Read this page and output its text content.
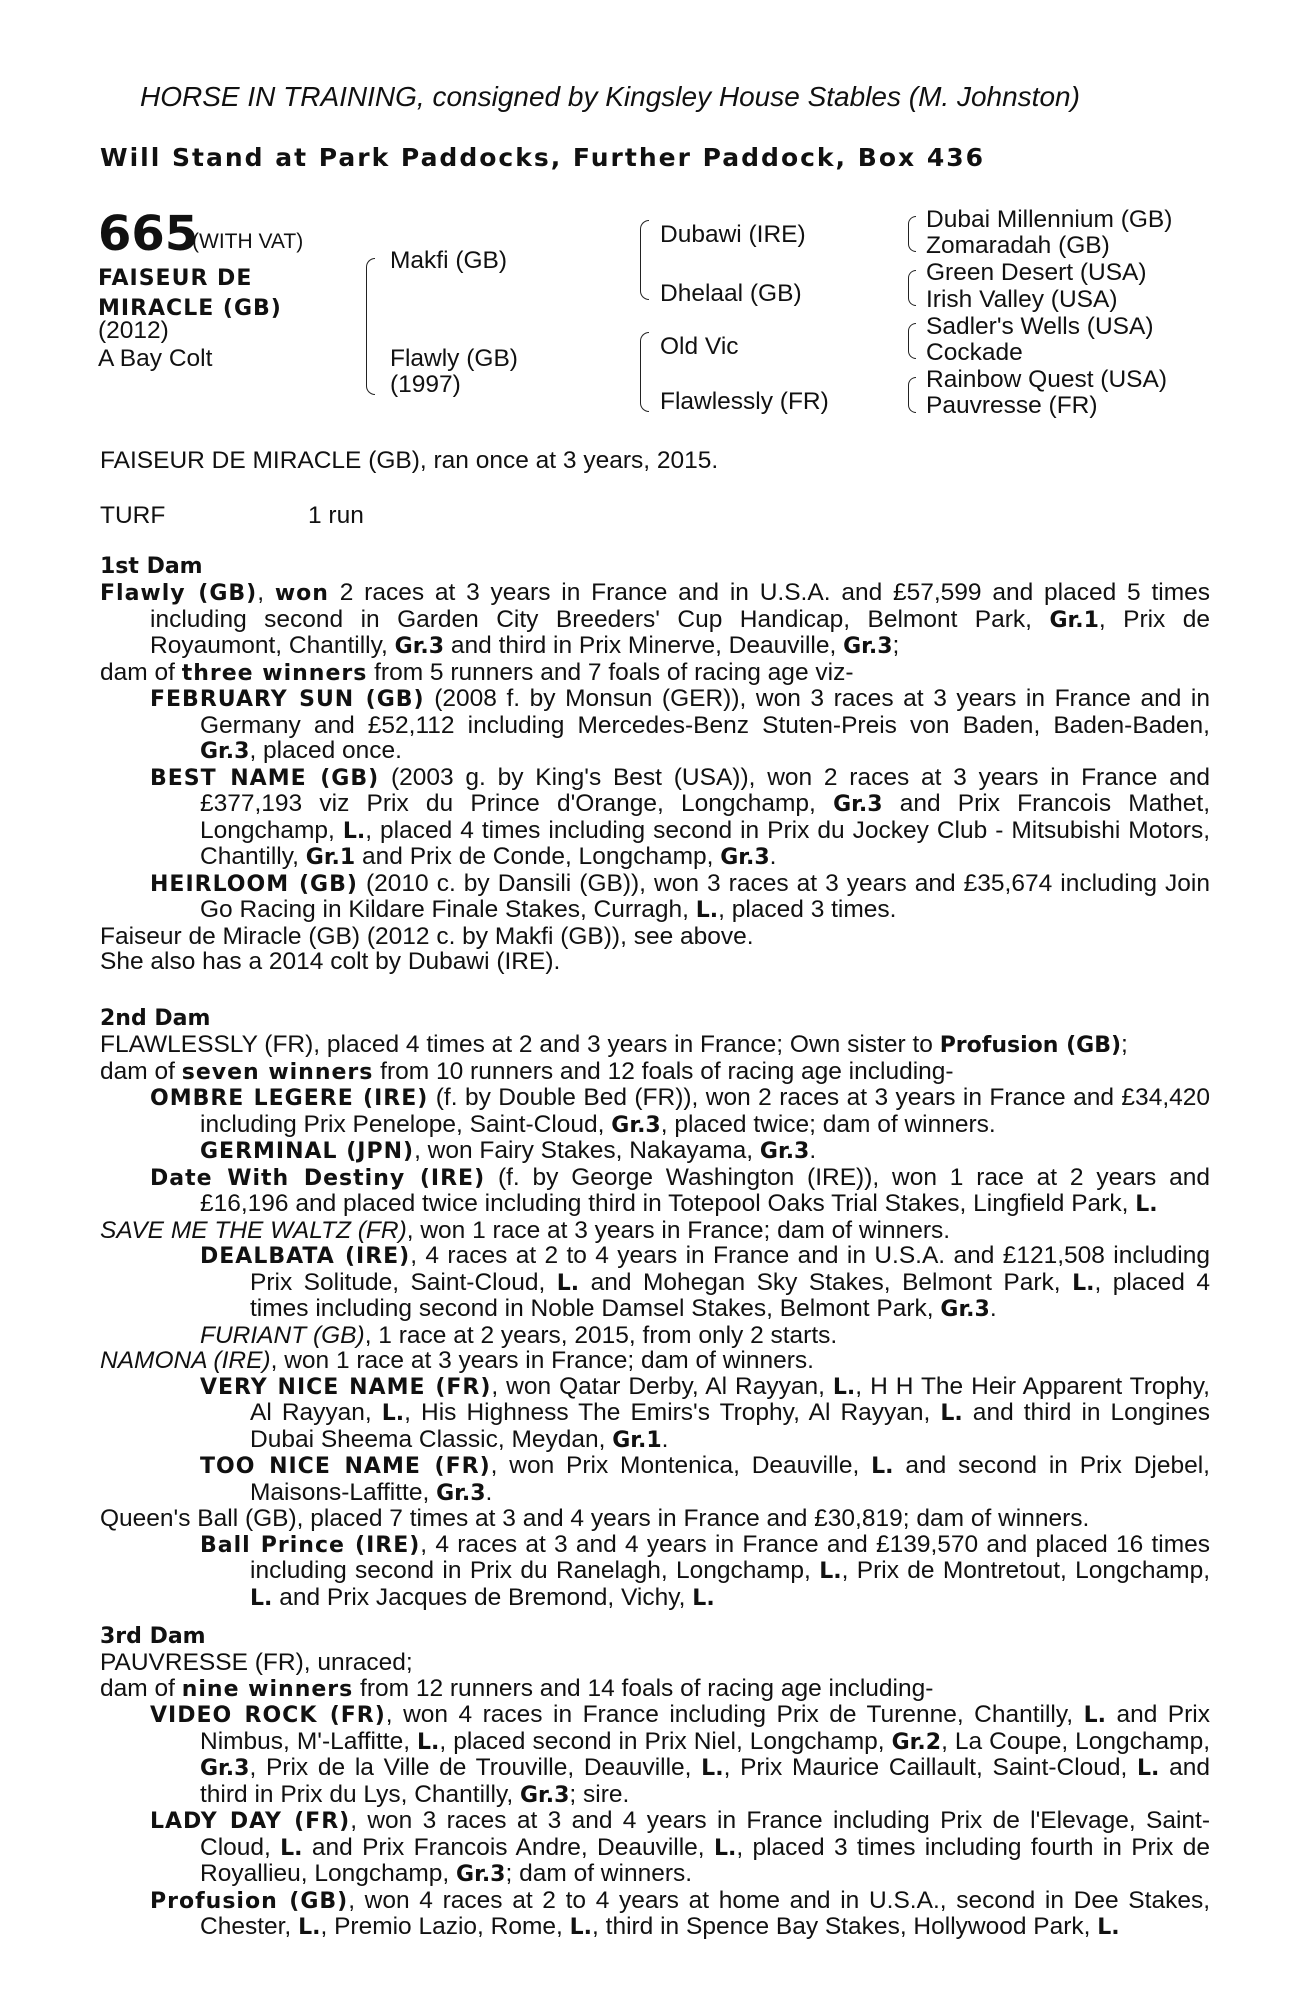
HORSE IN TRAINING, consigned by Kingsley House Stables (M. Johnston)
Will Stand at Park Paddocks, Further Paddock, Box 436
665
(WITH VAT)
FAISEUR DE
MIRACLE (GB)
(2012)
A Bay Colt
Makfi (GB)
Flawly (GB)
(1997)
Dubawi (IRE)
Dhelaal (GB)
Old Vic
Flawlessly (FR)
Dubai Millennium (GB)
Zomaradah (GB)
Green Desert (USA)
Irish Valley (USA)
Sadler's Wells (USA)
Cockade
Rainbow Quest (USA)
Pauvresse (FR)
FAISEUR DE MIRACLE (GB), ran once at 3 years, 2015.
TURF	1 run
1st Dam

Flawly (GB), won 2 races at 3 years in France and in U.S.A. and £57,599 and placed 5 times including second in Garden City Breeders' Cup Handicap, Belmont Park, Gr.1, Prix de Royaumont, Chantilly, Gr.3 and third in Prix Minerve, Deauville, Gr.3;

dam of three winners from 5 runners and 7 foals of racing age viz-

FEBRUARY SUN (GB) (2008 f. by Monsun (GER)), won 3 races at 3 years in France and in Germany and £52,112 including Mercedes-Benz Stuten-Preis von Baden, Baden-Baden, Gr.3, placed once.

BEST NAME (GB) (2003 g. by King's Best (USA)), won 2 races at 3 years in France and £377,193 viz Prix du Prince d'Orange, Longchamp, Gr.3 and Prix Francois Mathet, Longchamp, L., placed 4 times including second in Prix du Jockey Club - Mitsubishi Motors, Chantilly, Gr.1 and Prix de Conde, Longchamp, Gr.3.

HEIRLOOM (GB) (2010 c. by Dansili (GB)), won 3 races at 3 years and £35,674 including Join Go Racing in Kildare Finale Stakes, Curragh, L., placed 3 times.

Faiseur de Miracle (GB) (2012 c. by Makfi (GB)), see above.

She also has a 2014 colt by Dubawi (IRE).

2nd Dam

FLAWLESSLY (FR), placed 4 times at 2 and 3 years in France; Own sister to Profusion (GB);

dam of seven winners from 10 runners and 12 foals of racing age including-

OMBRE LEGERE (IRE) (f. by Double Bed (FR)), won 2 races at 3 years in France and £34,420 including Prix Penelope, Saint-Cloud, Gr.3, placed twice; dam of winners.

GERMINAL (JPN), won Fairy Stakes, Nakayama, Gr.3.

Date With Destiny (IRE) (f. by George Washington (IRE)), won 1 race at 2 years and £16,196 and placed twice including third in Totepool Oaks Trial Stakes, Lingfield Park, L.

SAVE ME THE WALTZ (FR), won 1 race at 3 years in France; dam of winners.

DEALBATA (IRE), 4 races at 2 to 4 years in France and in U.S.A. and £121,508 including Prix Solitude, Saint-Cloud, L. and Mohegan Sky Stakes, Belmont Park, L., placed 4 times including second in Noble Damsel Stakes, Belmont Park, Gr.3.

FURIANT (GB), 1 race at 2 years, 2015, from only 2 starts.

NAMONA (IRE), won 1 race at 3 years in France; dam of winners.

VERY NICE NAME (FR), won Qatar Derby, Al Rayyan, L., H H The Heir Apparent Trophy, Al Rayyan, L., His Highness The Emirs's Trophy, Al Rayyan, L. and third in Longines Dubai Sheema Classic, Meydan, Gr.1.

TOO NICE NAME (FR), won Prix Montenica, Deauville, L. and second in Prix Djebel, Maisons-Laffitte, Gr.3.

Queen's Ball (GB), placed 7 times at 3 and 4 years in France and £30,819; dam of winners.

Ball Prince (IRE), 4 races at 3 and 4 years in France and £139,570 and placed 16 times including second in Prix du Ranelagh, Longchamp, L., Prix de Montretout, Longchamp, L. and Prix Jacques de Bremond, Vichy, L.

3rd Dam

PAUVRESSE (FR), unraced;

dam of nine winners from 12 runners and 14 foals of racing age including-

VIDEO ROCK (FR), won 4 races in France including Prix de Turenne, Chantilly, L. and Prix Nimbus, M'-Laffitte, L., placed second in Prix Niel, Longchamp, Gr.2, La Coupe, Longchamp, Gr.3, Prix de la Ville de Trouville, Deauville, L., Prix Maurice Caillault, Saint-Cloud, L. and third in Prix du Lys, Chantilly, Gr.3; sire.

LADY DAY (FR), won 3 races at 3 and 4 years in France including Prix de l'Elevage, Saint-Cloud, L. and Prix Francois Andre, Deauville, L., placed 3 times including fourth in Prix de Royallieu, Longchamp, Gr.3; dam of winners.

Profusion (GB), won 4 races at 2 to 4 years at home and in U.S.A., second in Dee Stakes, Chester, L., Premio Lazio, Rome, L., third in Spence Bay Stakes, Hollywood Park, L.
